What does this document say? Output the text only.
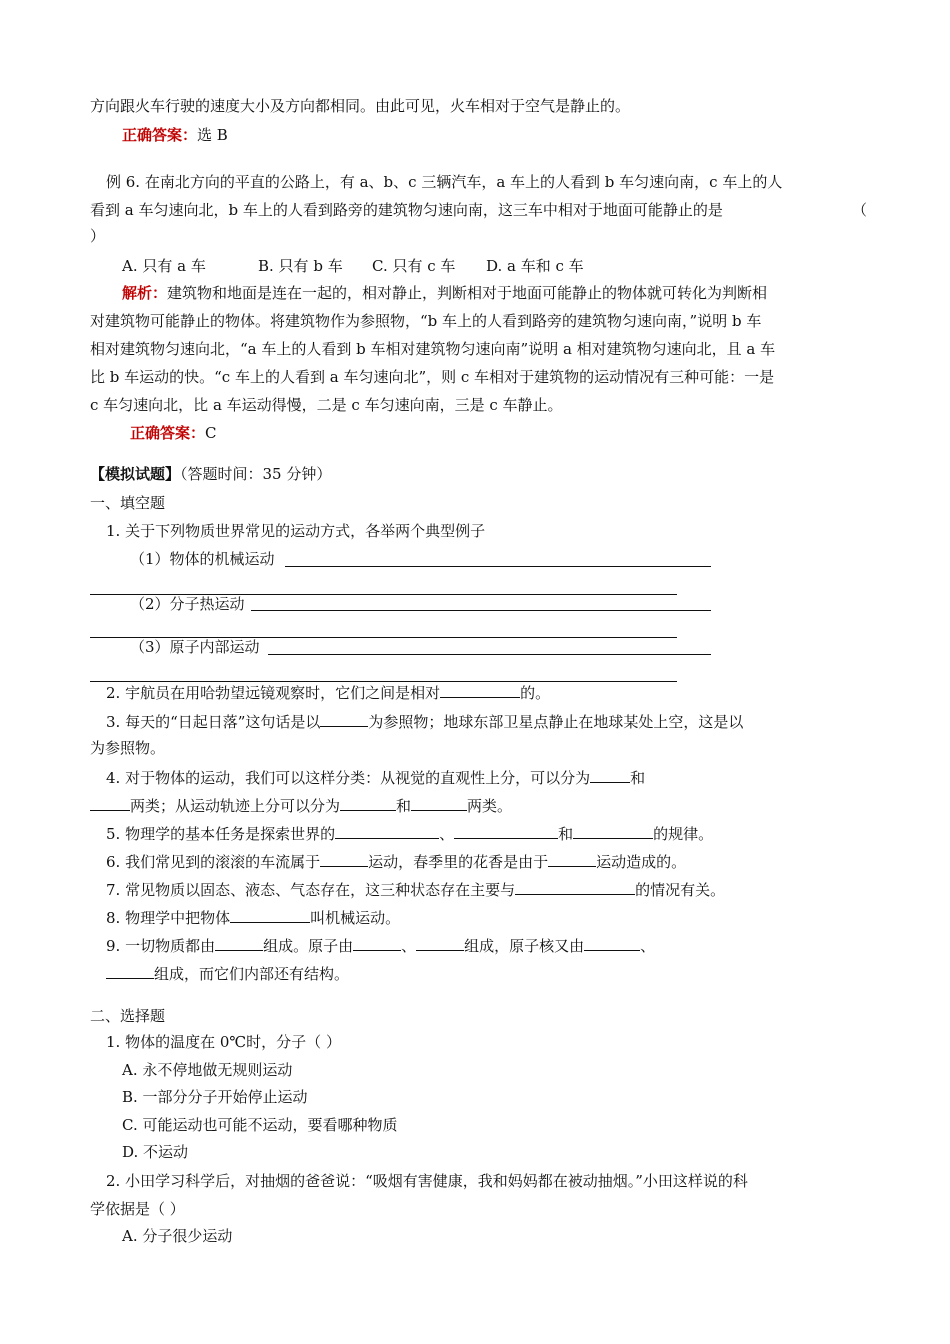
方向跟火车行驶的速度大小及方向都相同。由此可见，火车相对于空气是静止的。
正确答案：选 B
例 6. 在南北方向的平直的公路上，有 a、b、c 三辆汽车，a 车上的人看到 b 车匀速向南，c 车上的人
看到 a 车匀速向北，b 车上的人看到路旁的建筑物匀速向南，这三车中相对于地面可能静止的是	（
）
A. 只有 a 车	B. 只有 b 车 C. 只有 c 车 D. a 车和 c 车
解析：建筑物和地面是连在一起的，相对静止，判断相对于地面可能静止的物体就可转化为判断相
对建筑物可能静止的物体。将建筑物作为参照物，“b 车上的人看到路旁的建筑物匀速向南，”说明 b 车
相对建筑物匀速向北，“a 车上的人看到 b 车相对建筑物匀速向南”说明 a 相对建筑物匀速向北，且 a 车
比 b 车运动的快。“c 车上的人看到 a 车匀速向北”，则 c 车相对于建筑物的运动情况有三种可能：一是
c 车匀速向北，比 a 车运动得慢，二是 c 车匀速向南，三是 c 车静止。
正确答案：C
【模拟试题】（答题时间：35 分钟）
一、填空题
1. 关于下列物质世界常见的运动方式，各举两个典型例子
（1）物体的机械运动
（2）分子热运动
（3）原子内部运动
2. 宇航员在用哈勃望远镜观察时，它们之间是相对	的。
3. 每天的“日起日落”这句话是以	为参照物；地球东部卫星点静止在地球某处上空，这是以
为参照物。
4. 对于物体的运动，我们可以这样分类：从视觉的直观性上分，可以分为	和
两类；从运动轨迹上分可以分为	和	两类。
5. 物理学的基本任务是探索世界的	、	和	的规律。
6. 我们常见到的滚滚的车流属于	运动，春季里的花香是由于	运动造成的。
7. 常见物质以固态、液态、气态存在，这三种状态存在主要与	的情况有关。
8. 物理学中把物体	叫机械运动。
9. 一切物质都由	组成。原子由	、	组成，原子核又由	、
组成，而它们内部还有结构。
二、选择题
1. 物体的温度在 0℃时，分子（ ）
A. 永不停地做无规则运动
B. 一部分分子开始停止运动
C. 可能运动也可能不运动，要看哪种物质
D. 不运动
2. 小田学习科学后，对抽烟的爸爸说：“吸烟有害健康，我和妈妈都在被动抽烟。”小田这样说的科
学依据是（ ）
A. 分子很少运动
